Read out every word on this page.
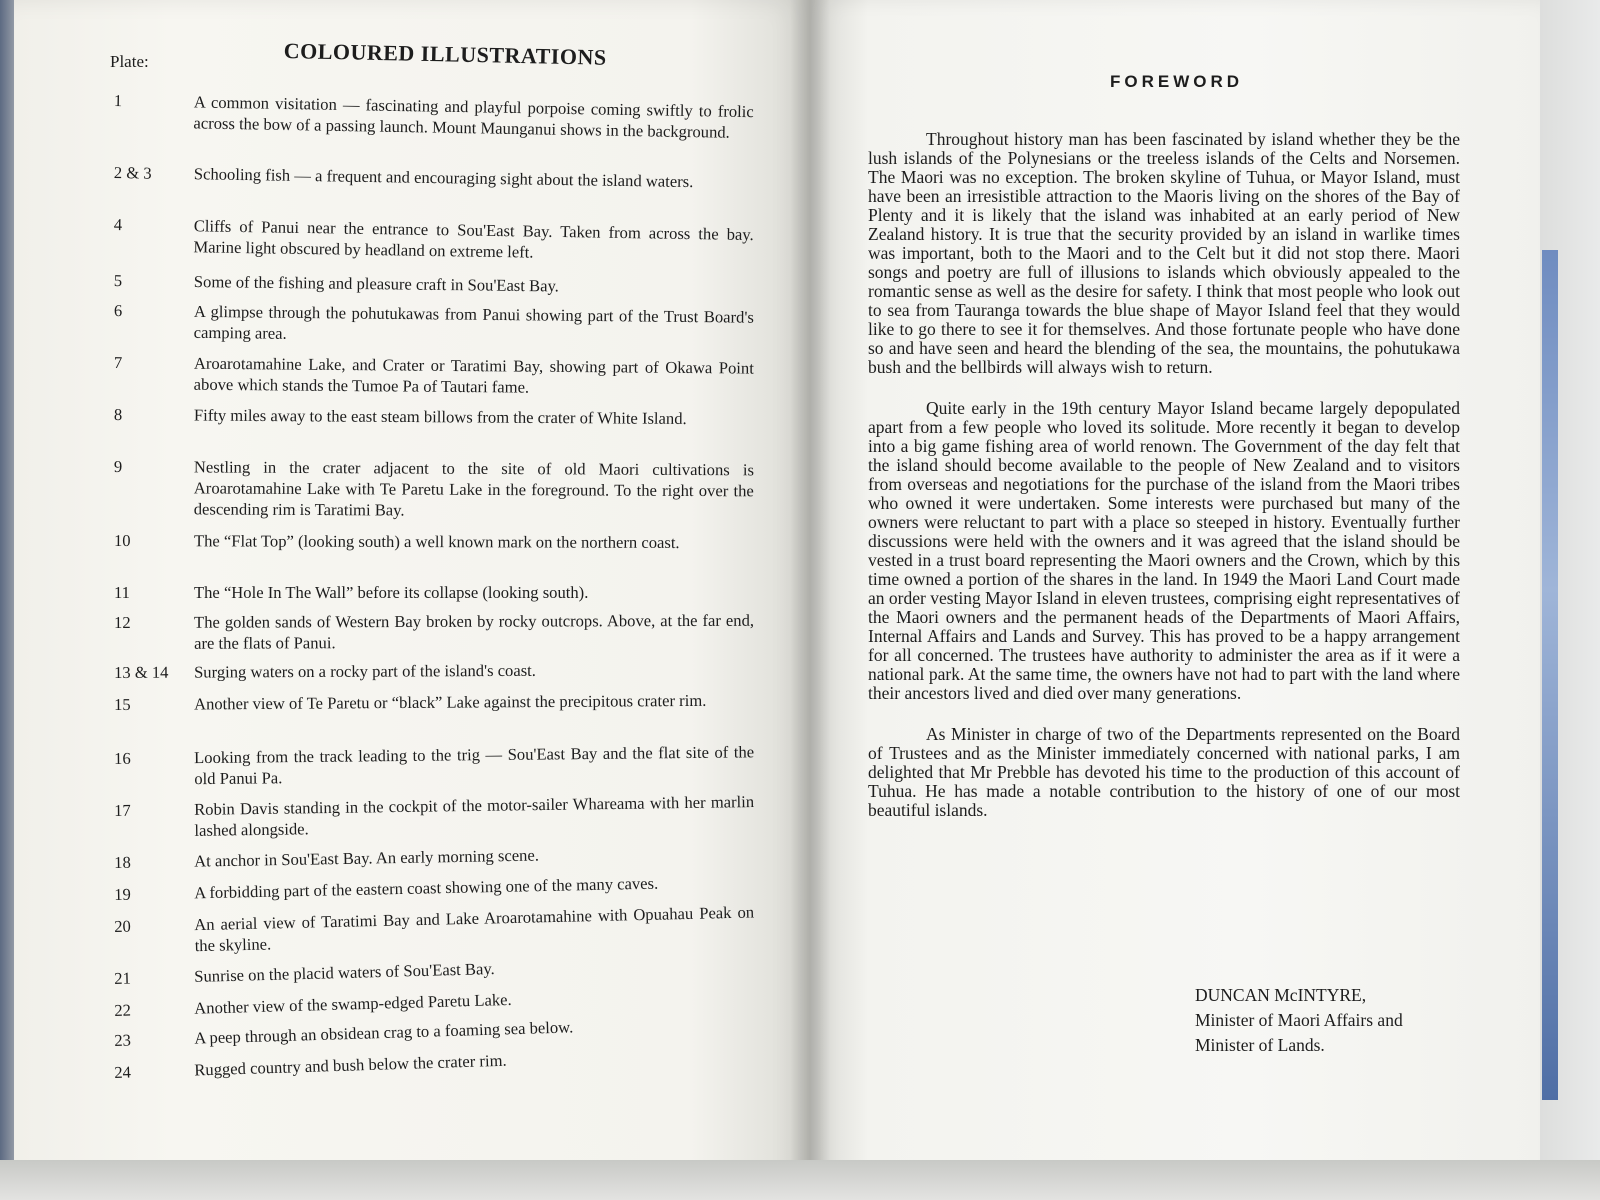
COLOURED ILLUSTRATIONS
Plate:
1	A common visitation — fascinating and playful porpoise coming swiftly to frolic across the bow of a passing launch. Mount Maunganui shows in the background.
2 & 3	Schooling fish — a frequent and encouraging sight about the island waters.
4	Cliffs of Panui near the entrance to Sou'East Bay. Taken from across the bay. Marine light obscured by headland on extreme left.
5	Some of the fishing and pleasure craft in Sou'East Bay.
6	A glimpse through the pohutukawas from Panui showing part of the Trust Board's camping area.
7	Aroarotamahine Lake, and Crater or Taratimi Bay, showing part of Okawa Point above which stands the Tumoe Pa of Tautari fame.
8	Fifty miles away to the east steam billows from the crater of White Island.
9	Nestling in the crater adjacent to the site of old Maori cultivations is Aroarotamahine Lake with Te Paretu Lake in the foreground. To the right over the descending rim is Taratimi Bay.
10	The “Flat Top” (looking south) a well known mark on the northern coast.
11	The “Hole In The Wall” before its collapse (looking south).
12	The golden sands of Western Bay broken by rocky outcrops. Above, at the far end, are the flats of Panui.
13 & 14	Surging waters on a rocky part of the island's coast.
15	Another view of Te Paretu or “black” Lake against the precipitous crater rim.
16	Looking from the track leading to the trig — Sou'East Bay and the flat site of the old Panui Pa.
17	Robin Davis standing in the cockpit of the motor-sailer Whareama with her marlin lashed alongside.
18	At anchor in Sou'East Bay. An early morning scene.
19	A forbidding part of the eastern coast showing one of the many caves.
20	An aerial view of Taratimi Bay and Lake Aroarotamahine with Opuahau Peak on the skyline.
21	Sunrise on the placid waters of Sou'East Bay.
22	Another view of the swamp-edged Paretu Lake.
23	A peep through an obsidean crag to a foaming sea below.
24	Rugged country and bush below the crater rim.
FOREWORD

Throughout history man has been fascinated by island whether they be the lush islands of the Polynesians or the treeless islands of the Celts and Norsemen. The Maori was no exception. The broken skyline of Tuhua, or Mayor Island, must have been an irresistible attraction to the Maoris living on the shores of the Bay of Plenty and it is likely that the island was inhabited at an early period of New Zealand history. It is true that the security provided by an island in warlike times was important, both to the Maori and to the Celt but it did not stop there. Maori songs and poetry are full of illusions to islands which obviously appealed to the romantic sense as well as the desire for safety. I think that most people who look out to sea from Tauranga towards the blue shape of Mayor Island feel that they would like to go there to see it for themselves. And those fortunate people who have done so and have seen and heard the blending of the sea, the mountains, the pohutukawa bush and the bellbirds will always wish to return.

Quite early in the 19th century Mayor Island became largely depopulated apart from a few people who loved its solitude. More recently it began to develop into a big game fishing area of world renown. The Government of the day felt that the island should become available to the people of New Zealand and to visitors from overseas and negotiations for the purchase of the island from the Maori tribes who owned it were undertaken. Some interests were purchased but many of the owners were reluctant to part with a place so steeped in history. Eventually further discussions were held with the owners and it was agreed that the island should be vested in a trust board representing the Maori owners and the Crown, which by this time owned a portion of the shares in the land. In 1949 the Maori Land Court made an order vesting Mayor Island in eleven trustees, comprising eight representatives of the Maori owners and the permanent heads of the Departments of Maori Affairs, Internal Affairs and Lands and Survey. This has proved to be a happy arrangement for all concerned. The trustees have authority to administer the area as if it were a national park. At the same time, the owners have not had to part with the land where their ancestors lived and died over many generations.

As Minister in charge of two of the Departments represented on the Board of Trustees and as the Minister immediately concerned with national parks, I am delighted that Mr Prebble has devoted his time to the production of this account of Tuhua. He has made a notable contribution to the history of one of our most beautiful islands.

DUNCAN McINTYRE,
Minister of Maori Affairs and
Minister of Lands.
